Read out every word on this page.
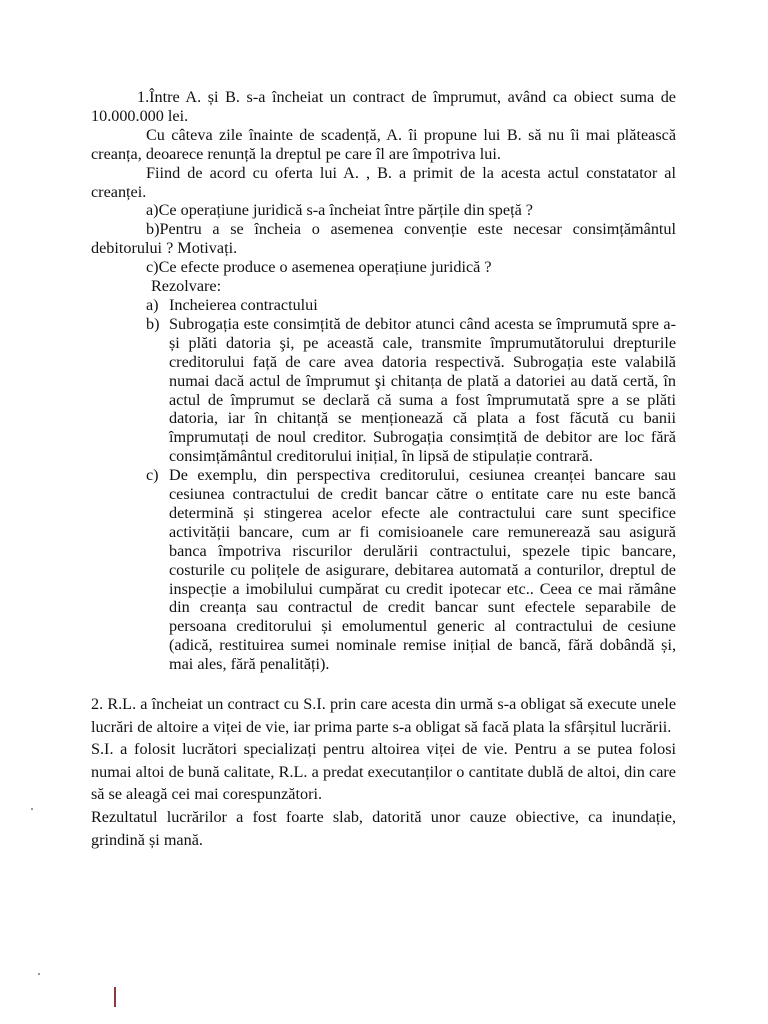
1.Între A. și B. s-a încheiat un contract de împrumut, având ca obiect suma de 10.000.000 lei.

Cu câteva zile înainte de scadență, A. îi propune lui B. să nu îi mai plătească creanța, deoarece renunță la dreptul pe care îl are împotriva lui.

Fiind de acord cu oferta lui A. , B. a primit de la acesta actul constatator al creanței.

a)Ce operațiune juridică s-a încheiat între părțile din speță ?

b)Pentru a se încheia o asemenea convenție este necesar consimțământul debitorului ? Motivați.

c)Ce efecte produce o asemenea operațiune juridică ?

Rezolvare:

a) Incheierea contractului
b) Subrogația este consimțită de debitor atunci când acesta se împrumută spre a-și plăti datoria şi, pe această cale, transmite împrumutătorului drepturile creditorului față de care avea datoria respectivă. Subrogația este valabilă numai dacă actul de împrumut şi chitanța de plată a datoriei au dată certă, în actul de împrumut se declară că suma a fost împrumutată spre a se plăti datoria, iar în chitanță se menționează că plata a fost făcută cu banii împrumutați de noul creditor. Subrogația consimțită de debitor are loc fără consimțământul creditorului inițial, în lipsă de stipulație contrară.
c) De exemplu, din perspectiva creditorului, cesiunea creanței bancare sau cesiunea contractului de credit bancar către o entitate care nu este bancă determină și stingerea acelor efecte ale contractului care sunt specifice activității bancare, cum ar fi comisioanele care remunerează sau asigură banca împotriva riscurilor derulării contractului, spezele tipic bancare, costurile cu polițele de asigurare, debitarea automată a conturilor, dreptul de inspecție a imobilului cumpărat cu credit ipotecar etc.. Ceea ce mai rămâne din creanța sau contractul de credit bancar sunt efectele separabile de persoana creditorului și emolumentul generic al contractului de cesiune (adică, restituirea sumei nominale remise inițial de bancă, fără dobândă și, mai ales, fără penalități).

2. R.L. a încheiat un contract cu S.I. prin care acesta din urmă s-a obligat să execute unele lucrări de altoire a viței de vie, iar prima parte s-a obligat să facă plata la sfârșitul lucrării.

S.I. a folosit lucrători specializați pentru altoirea viței de vie. Pentru a se putea folosi numai altoi de bună calitate, R.L. a predat executanților o cantitate dublă de altoi, din care să se aleagă cei mai corespunzători.

Rezultatul lucrărilor a fost foarte slab, datorită unor cauze obiective, ca inundație, grindină și mană.
